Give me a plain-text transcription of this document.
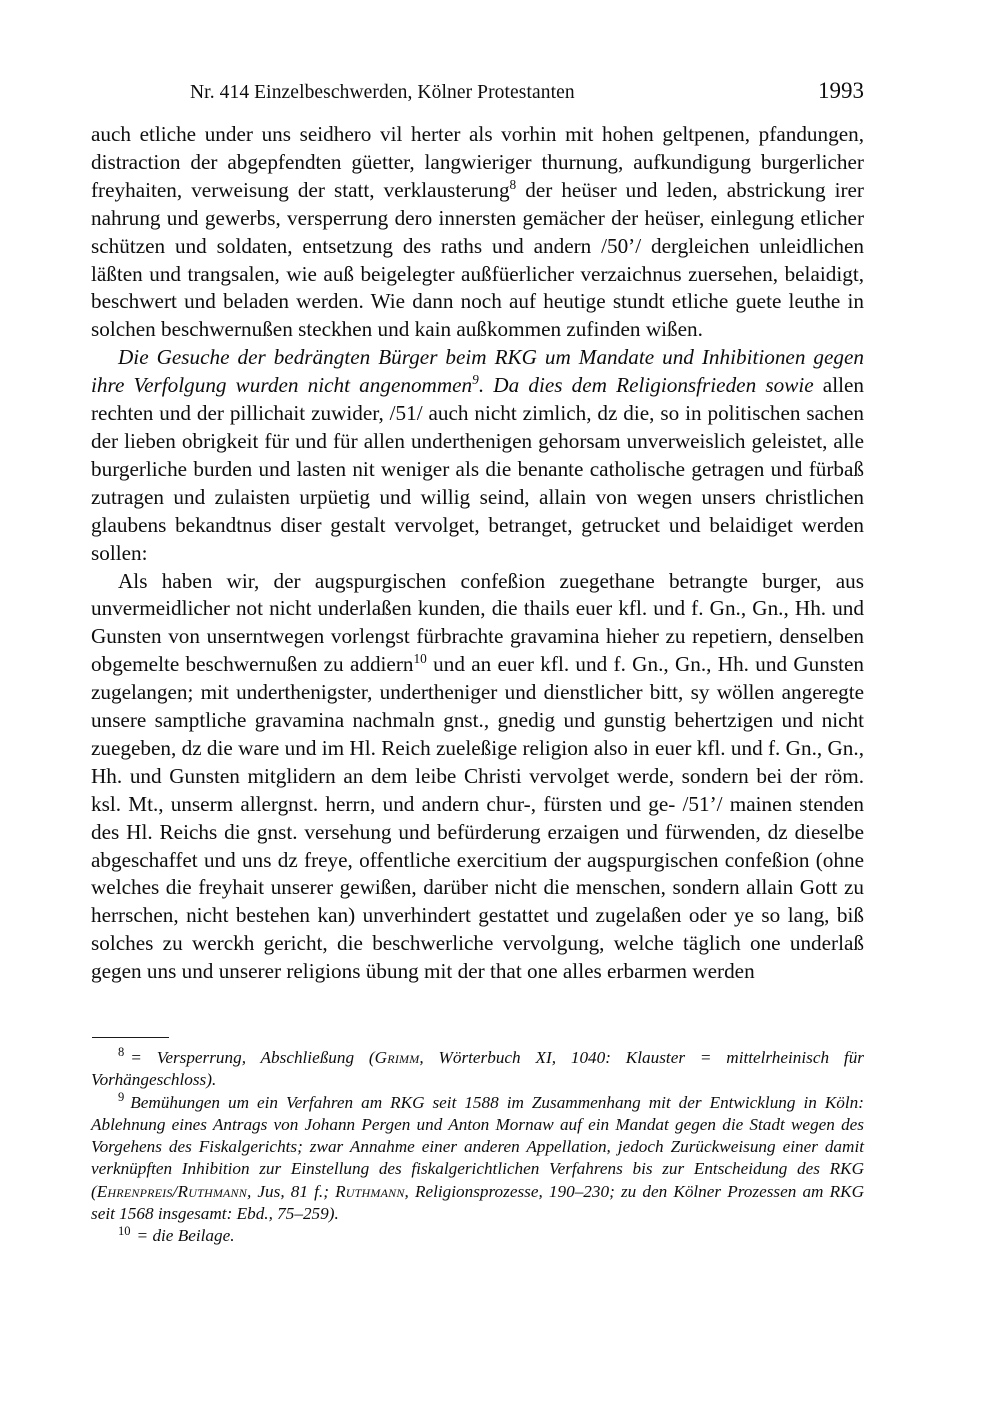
Nr. 414 Einzelbeschwerden, Kölner Protestanten	1993

auch etliche under uns seidhero vil herter als vorhin mit hohen geltpenen, pfandungen, distraction der abgepfendten güetter, langwieriger thurnung, aufkundigung burgerlicher freyhaiten, verweisung der statt, verklausterung$^8$ der heüser und leden, abstrickung irer nahrung und gewerbs, versperrung dero innersten gemächer der heüser, einlegung etlicher schützen und soldaten, entsetzung des raths und andern /50’/ dergleichen unleidlichen läßten und trangsalen, wie auß beigelegter außfüerlicher verzaichnus zuersehen, belaidigt, beschwert und beladen werden. Wie dann noch auf heutige stundt etliche guete leuthe in solchen beschwernußen steckhen und kain außkommen zufinden wißen.

Die Gesuche der bedrängten Bürger beim RKG um Mandate und Inhibitionen gegen ihre Verfolgung wurden nicht angenommen$^9$. Da dies dem Religionsfrieden sowie allen rechten und der pillichait zuwider, /51/ auch nicht zimlich, dz die, so in politischen sachen der lieben obrigkeit für und für allen underthenigen gehorsam unverweislich geleistet, alle burgerliche burden und lasten nit weniger als die benante catholische getragen und fürbaß zutragen und zulaisten urpüetig und willig seind, allain von wegen unsers christlichen glaubens bekandtnus diser gestalt vervolget, betranget, getrucket und belaidiget werden sollen:

Als haben wir, der augspurgischen confeßion zuegethane betrangte burger, aus unvermeidlicher not nicht underlaßen kunden, die thails euer kfl. und f. Gn., Gn., Hh. und Gunsten von unserntwegen vorlengst fürbrachte gravamina hieher zu repetiern, denselben obgemelte beschwernußen zu addiern$^{10}$ und an euer kfl. und f. Gn., Gn., Hh. und Gunsten zugelangen; mit underthenigster, undertheniger und dienstlicher bitt, sy wöllen angeregte unsere samptliche gravamina nachmaln gnst., gnedig und gunstig behertzigen und nicht zuegeben, dz die ware und im Hl. Reich zueleßige religion also in euer kfl. und f. Gn., Gn., Hh. und Gunsten mitglidern an dem leibe Christi vervolget werde, sondern bei der röm. ksl. Mt., unserm allergnst. herrn, und andern chur-, fürsten und ge- /51’/ mainen stenden des Hl. Reichs die gnst. versehung und befürderung erzaigen und fürwenden, dz dieselbe abgeschaffet und uns dz freye, offentliche exercitium der augspurgischen confeßion (ohne welches die freyhait unserer gewißen, darüber nicht die menschen, sondern allain Gott zu herrschen, nicht bestehen kan) unverhindert gestattet und zugelaßen oder ye so lang, biß solches zu werckh gericht, die beschwerliche vervolgung, welche täglich one underlaß gegen uns und unserer religions übung mit der that one alles erbarmen werden

$^8$ = Versperrung, Abschließung (Grimm, Wörterbuch XI, 1040: Klauster = mittelrheinisch für Vorhängeschloss).

$^9$ Bemühungen um ein Verfahren am RKG seit 1588 im Zusammenhang mit der Entwicklung in Köln: Ablehnung eines Antrags von Johann Pergen und Anton Mornaw auf ein Mandat gegen die Stadt wegen des Vorgehens des Fiskalgerichts; zwar Annahme einer anderen Appellation, jedoch Zurückweisung einer damit verknüpften Inhibition zur Einstellung des fiskalgerichtlichen Verfahrens bis zur Entscheidung des RKG (Ehrenpreis/Ruthmann, Jus, 81 f.; Ruthmann, Religionsprozesse, 190–230; zu den Kölner Prozessen am RKG seit 1568 insgesamt: Ebd., 75–259).

$^{10}$ = die Beilage.
